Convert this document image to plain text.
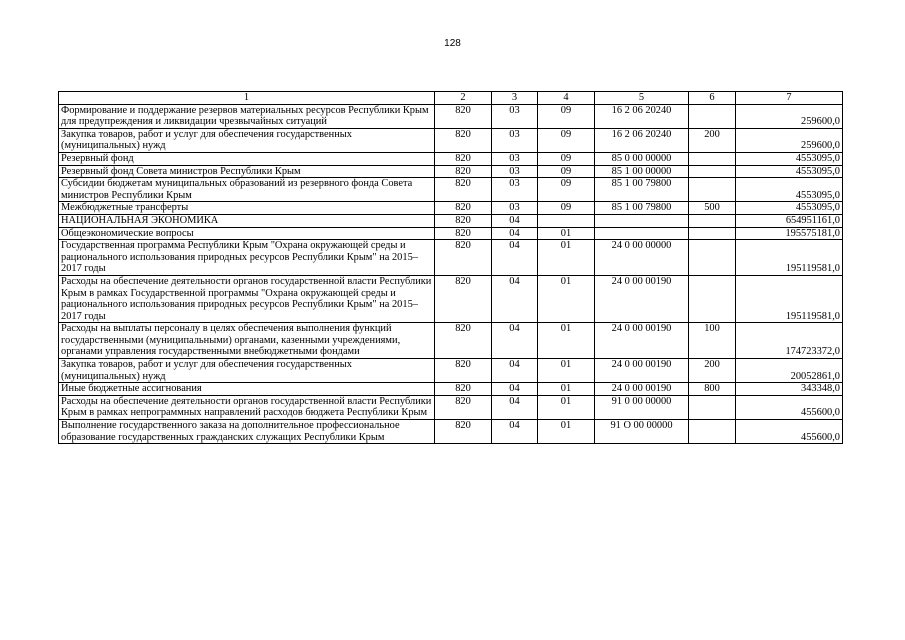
128
1	2	3	4	5	6	7
Формирование и поддержание резервов материальных ресурсов Республики Крым для предупреждения и ликвидации чрезвычайных ситуаций	820	03	09	16 2 06 20240		259600,0
Закупка товаров, работ и услуг для обеспечения государственных (муниципальных) нужд	820	03	09	16 2 06 20240	200	259600,0
Резервный фонд	820	03	09	85 0 00 00000		4553095,0
Резервный фонд Совета министров Республики Крым	820	03	09	85 1 00 00000		4553095,0
Субсидии бюджетам муниципальных образований из резервного фонда Совета министров Республики Крым	820	03	09	85 1 00 79800		4553095,0
Межбюджетные трансферты	820	03	09	85 1 00 79800	500	4553095,0
НАЦИОНАЛЬНАЯ ЭКОНОМИКА	820	04				654951161,0
Общеэкономические вопросы	820	04	01			195575181,0
Государственная программа Республики Крым "Охрана окружающей среды и рационального использования природных ресурсов Республики Крым" на 2015–2017 годы	820	04	01	24 0 00 00000		195119581,0
Расходы на обеспечение деятельности органов государственной власти Республики Крым в рамках Государственной программы "Охрана окружающей среды и рационального использования природных ресурсов Республики Крым" на 2015–2017 годы	820	04	01	24 0 00 00190		195119581,0
Расходы на выплаты персоналу в целях обеспечения выполнения функций государственными (муниципальными) органами, казенными учреждениями, органами управления государственными внебюджетными фондами	820	04	01	24 0 00 00190	100	174723372,0
Закупка товаров, работ и услуг для обеспечения государственных (муниципальных) нужд	820	04	01	24 0 00 00190	200	20052861,0
Иные бюджетные ассигнования	820	04	01	24 0 00 00190	800	343348,0
Расходы на обеспечение деятельности органов государственной власти Республики Крым в рамках непрограммных направлений расходов бюджета Республики Крым	820	04	01	91 0 00 00000		455600,0
Выполнение государственного заказа на дополнительное профессиональное образование государственных гражданских служащих Республики Крым	820	04	01	91 О 00 00000		455600,0
